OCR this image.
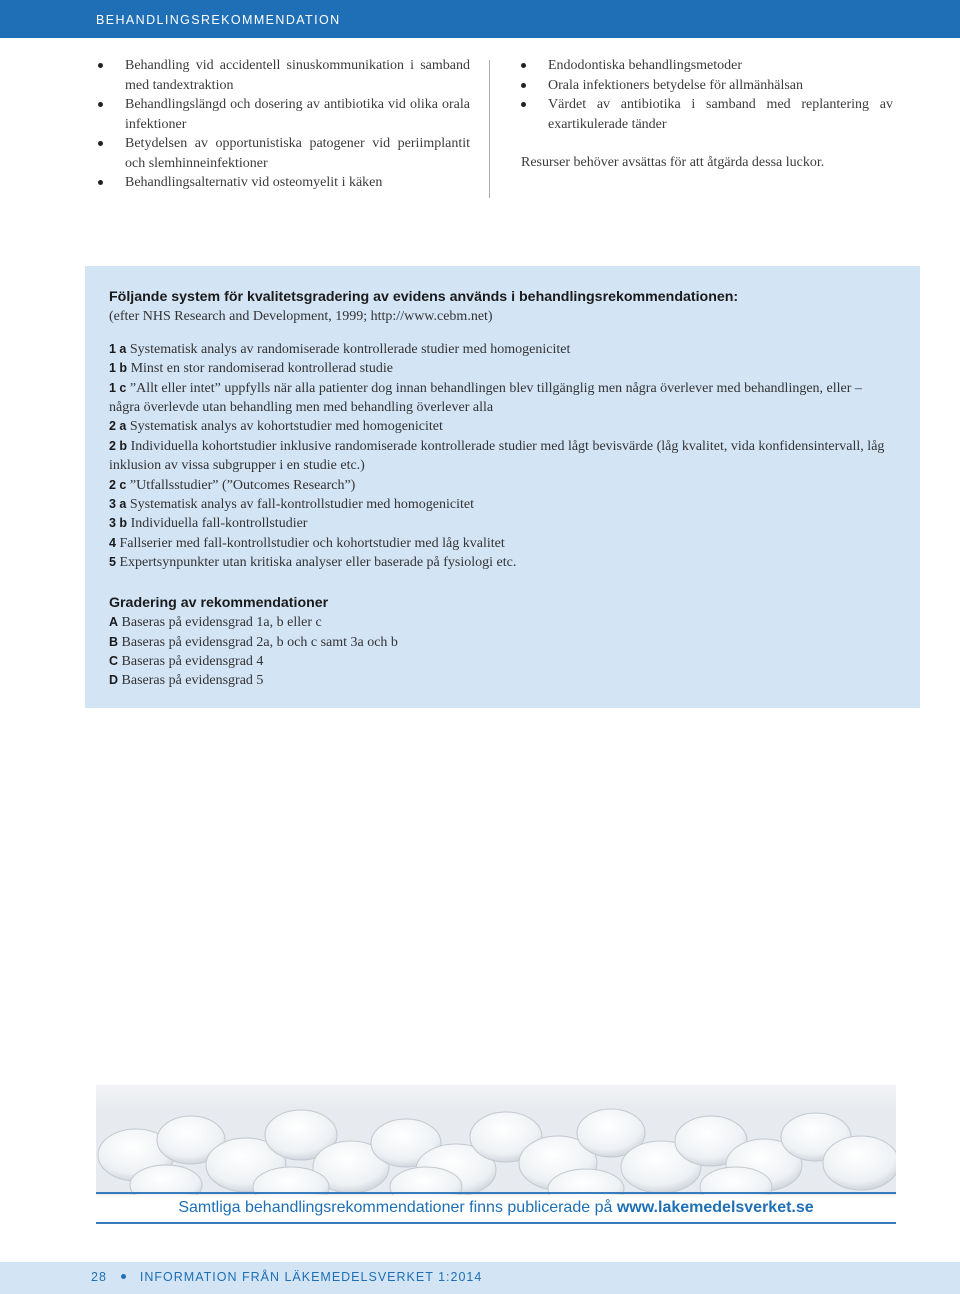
BEHANDLINGSREKOMMENDATION
Behandling vid accidentell sinuskommunikation i samband med tandextraktion
Behandlingslängd och dosering av antibiotika vid olika orala infektioner
Betydelsen av opportunistiska patogener vid periimplantit och slemhinneinfektioner
Behandlingsalternativ vid osteomyelit i käken
Endodontiska behandlingsmetoder
Orala infektioners betydelse för allmänhälsan
Värdet av antibiotika i samband med replantering av exartikulerade tänder

Resurser behöver avsättas för att åtgärda dessa luckor.

Följande system för kvalitetsgradering av evidens används i behandlingsrekommendationen:
(efter NHS Research and Development, 1999; http://www.cebm.net)
1 a Systematisk analys av randomiserade kontrollerade studier med homogenicitet
1 b Minst en stor randomiserad kontrollerad studie
1 c ”Allt eller intet” uppfylls när alla patienter dog innan behandlingen blev tillgänglig men några överlever med behandlingen, eller – några överlevde utan behandling men med behandling överlever alla
2 a Systematisk analys av kohortstudier med homogenicitet
2 b Individuella kohortstudier inklusive randomiserade kontrollerade studier med lågt bevisvärde (låg kvalitet, vida konfidensintervall, låg inklusion av vissa subgrupper i en studie etc.)
2 c ”Utfallsstudier” (”Outcomes Research”)
3 a Systematisk analys av fall-kontrollstudier med homogenicitet
3 b Individuella fall-kontrollstudier
4 Fallserier med fall-kontrollstudier och kohortstudier med låg kvalitet
5 Expertsynpunkter utan kritiska analyser eller baserade på fysiologi etc.
Gradering av rekommendationer
A Baseras på evidensgrad 1a, b eller c
B Baseras på evidensgrad 2a, b och c samt 3a och b
C Baseras på evidensgrad 4
D Baseras på evidensgrad 5
Samtliga behandlingsrekommendationer finns publicerade på www.lakemedelsverket.se
28	INFORMATION FRÅN LÄKEMEDELSVERKET 1:2014
